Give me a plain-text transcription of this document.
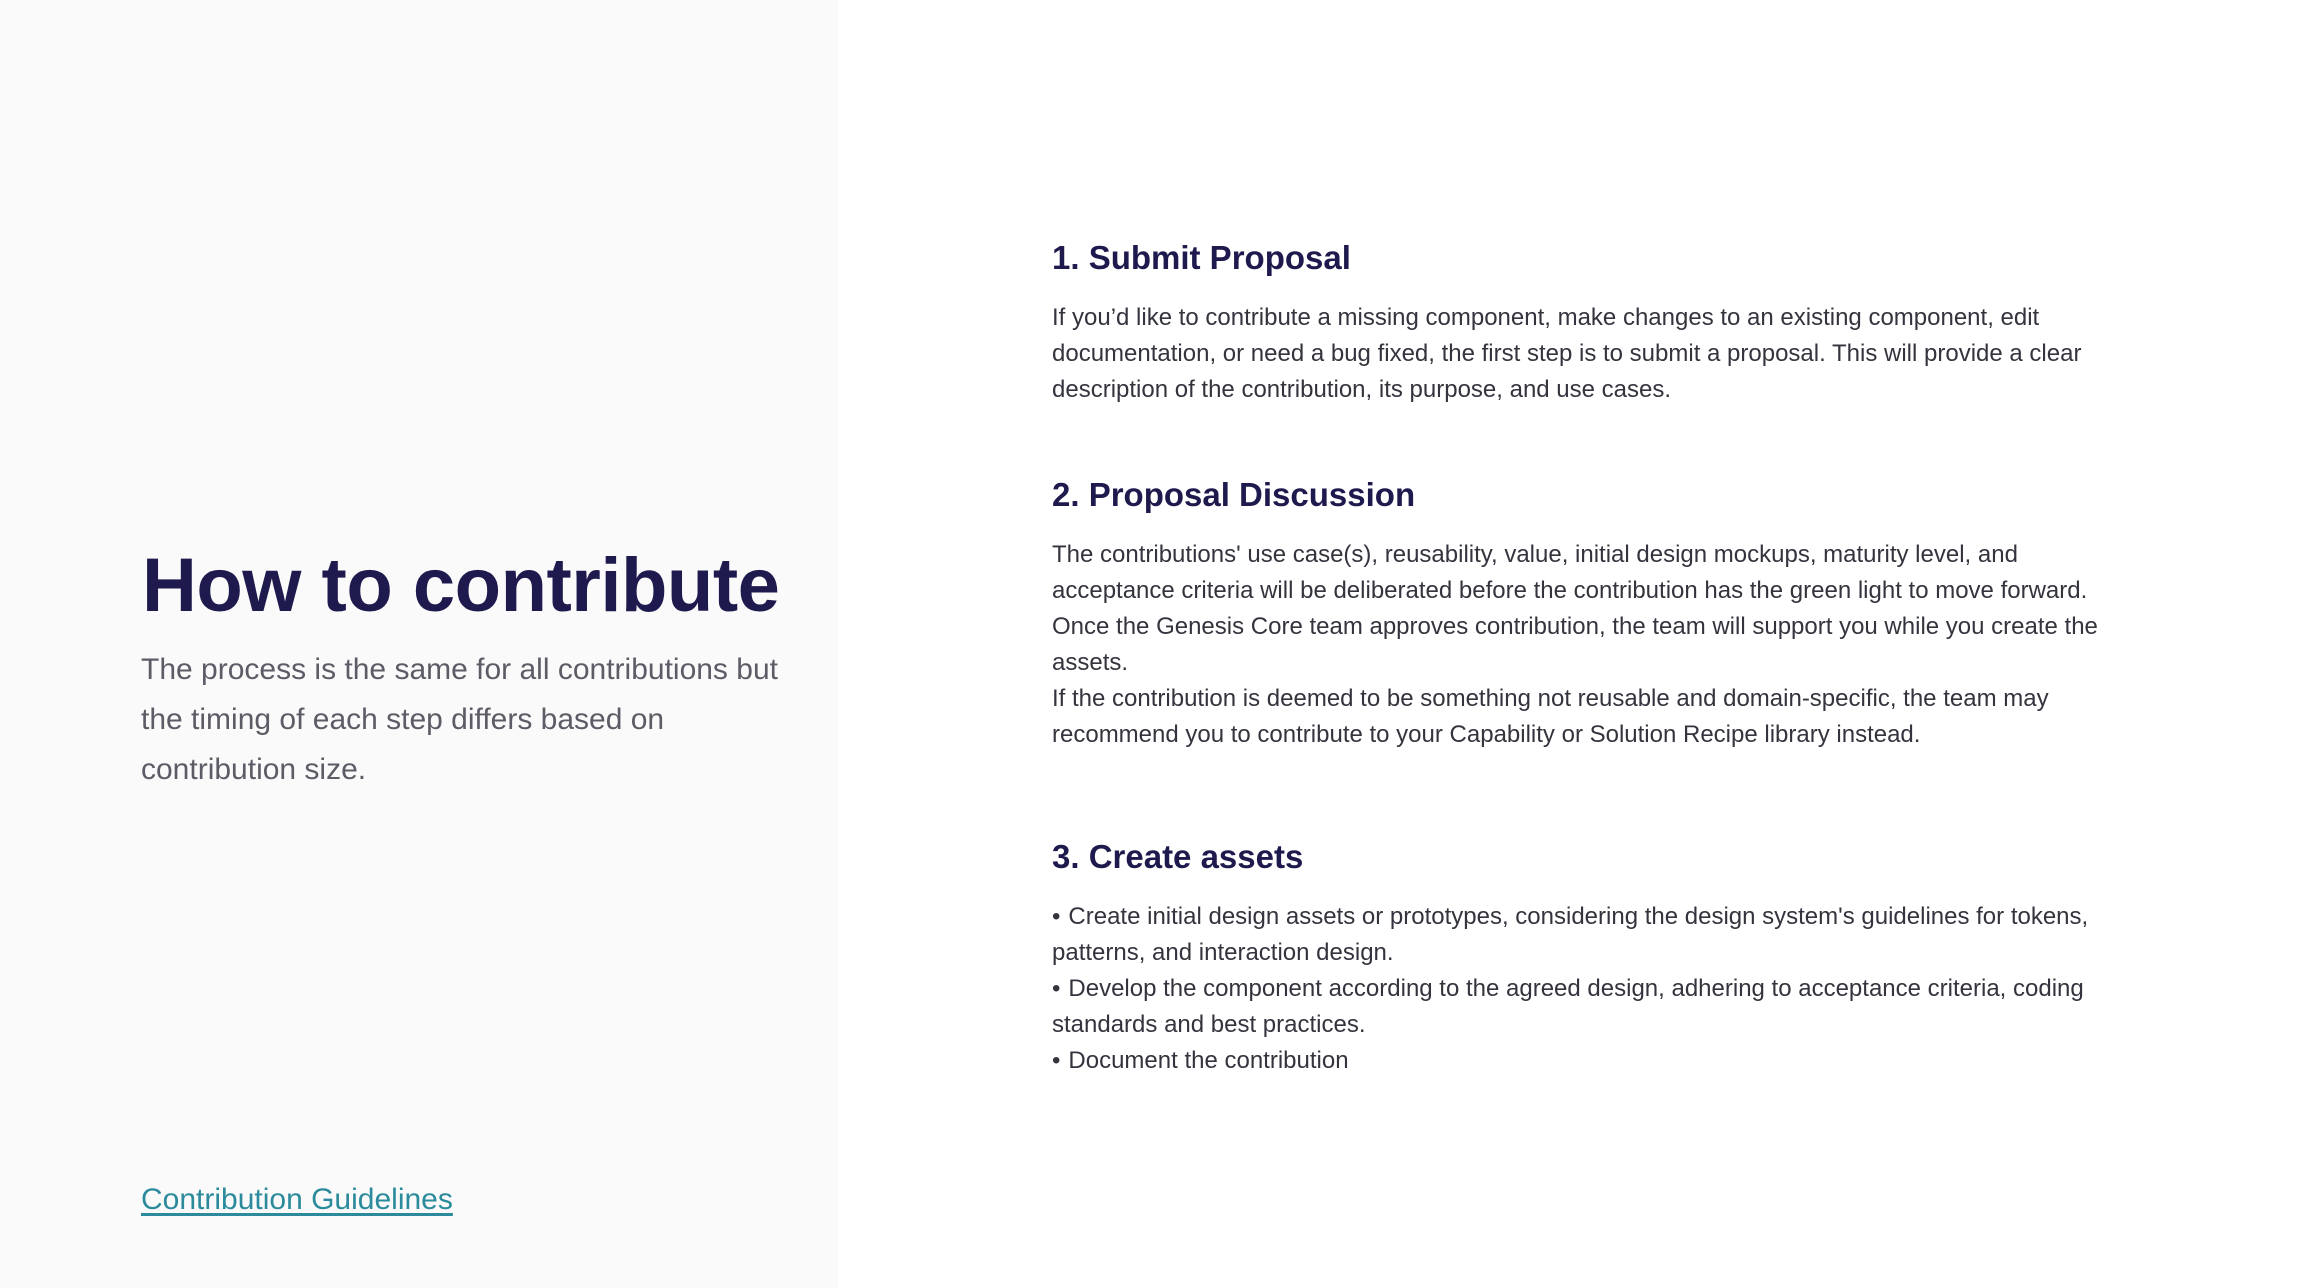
How to contribute

The process is the same for all contributions but the timing of each step differs based on contribution size.

Contribution Guidelines
1. Submit Proposal

If you’d like to contribute a missing component, make changes to an existing component, edit documentation, or need a bug fixed, the first step is to submit a proposal. This will provide a clear description of the contribution, its purpose, and use cases.

2. Proposal Discussion

The contributions' use case(s), reusability, value, initial design mockups, maturity level, and acceptance criteria will be deliberated before the contribution has the green light to move forward. Once the Genesis Core team approves contribution, the team will support you while you create the assets.

If the contribution is deemed to be something not reusable and domain-specific, the team may recommend you to contribute to your Capability or Solution Recipe library instead.

3. Create assets
• Create initial design assets or prototypes, considering the design system's guidelines for tokens, patterns, and interaction design.
• Develop the component according to the agreed design, adhering to acceptance criteria, coding standards and best practices.
• Document the contribution
